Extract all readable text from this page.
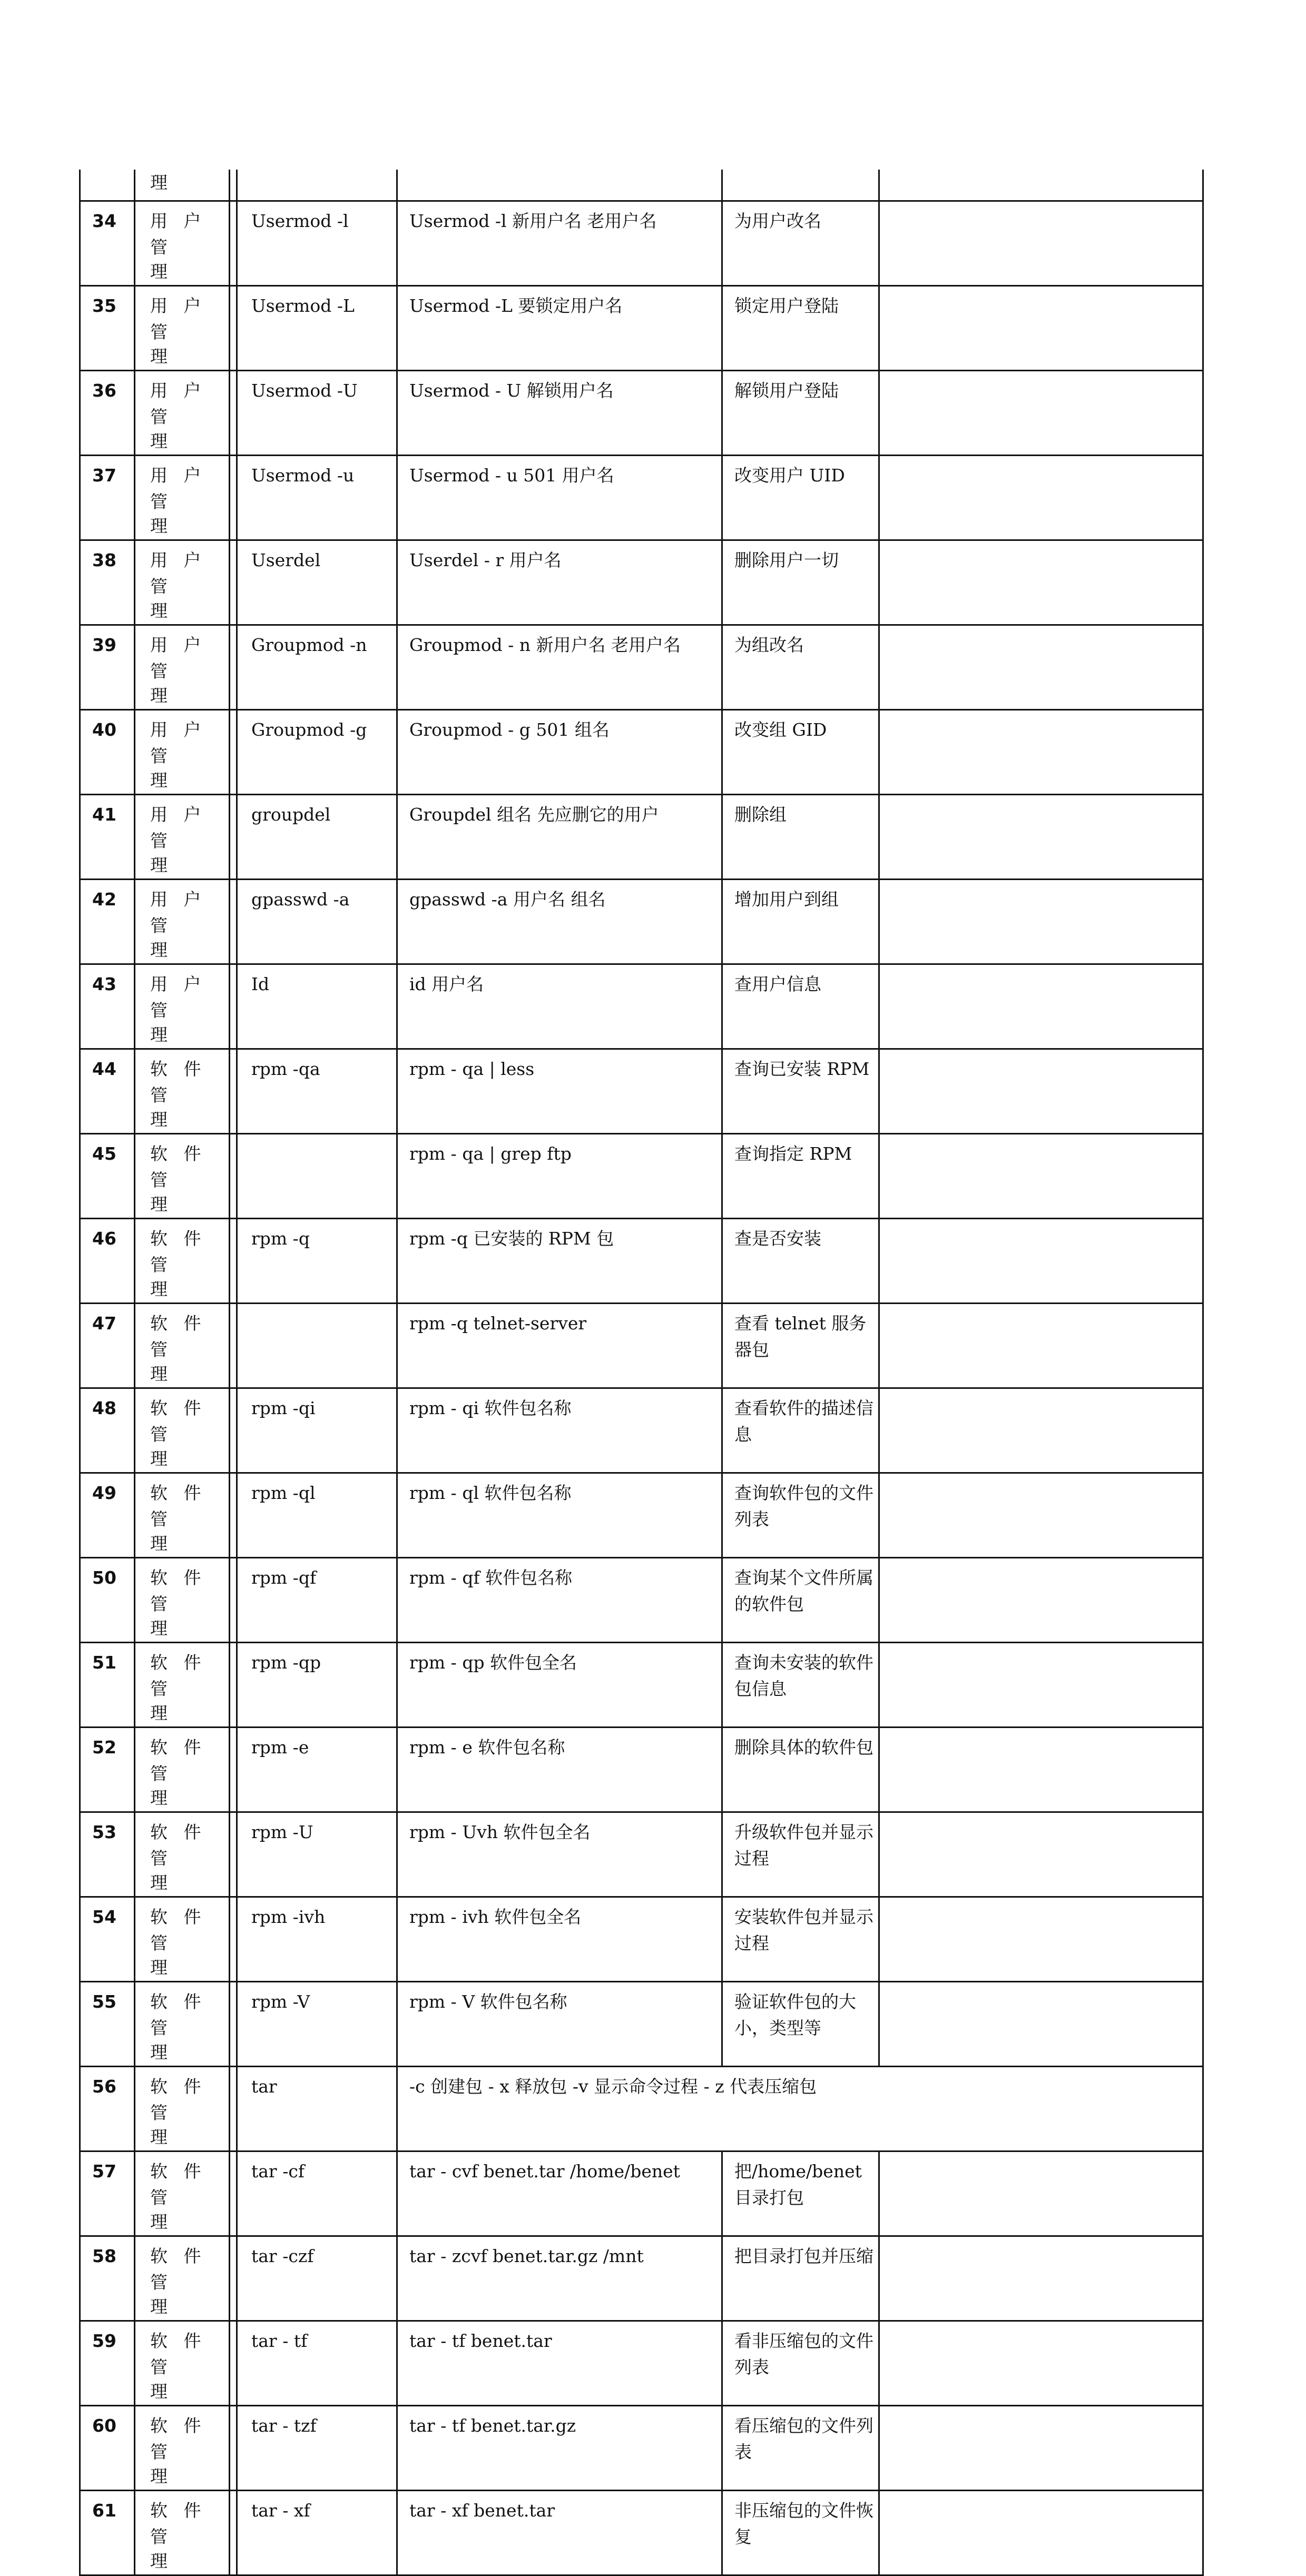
	理					

34	用 户 管
理		Usermod -l	Usermod -l 新用户名 老用户名	为用户改名	

35	用 户 管
理		Usermod -L	Usermod -L 要锁定用户名	锁定用户登陆	

36	用 户 管
理		Usermod -U	Usermod - U 解锁用户名	解锁用户登陆	

37	用 户 管
理		Usermod -u	Usermod - u 501 用户名	改变用户 UID	

38	用 户 管
理		Userdel	Userdel - r 用户名	删除用户一切	

39	用 户 管
理		Groupmod -n	Groupmod - n 新用户名 老用户名	为组改名	

40	用 户 管
理		Groupmod -g	Groupmod - g 501 组名	改变组 GID	

41	用 户 管
理		groupdel	Groupdel 组名 先应删它的用户	删除组	

42	用 户 管
理		gpasswd -a	gpasswd -a 用户名 组名	增加用户到组	

43	用 户 管
理		Id	id 用户名	查用户信息	

44	软 件 管
理		rpm -qa	rpm - qa | less	查询已安装 RPM	

45	软 件 管
理			rpm - qa | grep ftp	查询指定 RPM	

46	软 件 管
理		rpm -q	rpm -q 已安装的 RPM 包	查是否安装	

47	软 件 管
理			rpm -q telnet-server	查看 telnet 服务器包	

48	软 件 管
理		rpm -qi	rpm - qi 软件包名称	查看软件的描述信息	

49	软 件 管
理		rpm -ql	rpm - ql 软件包名称	查询软件包的文件列表	

50	软 件 管
理		rpm -qf	rpm - qf 软件包名称	查询某个文件所属的软件包	

51	软 件 管
理		rpm -qp	rpm - qp 软件包全名	查询未安装的软件包信息	

52	软 件 管
理		rpm -e	rpm - e 软件包名称	删除具体的软件包	

53	软 件 管
理		rpm -U	rpm - Uvh 软件包全名	升级软件包并显示过程	

54	软 件 管
理		rpm -ivh	rpm - ivh 软件包全名	安装软件包并显示过程	

55	软 件 管
理		rpm -V	rpm - V 软件包名称	验证软件包的大小，类型等	

56	软 件 管
理		tar	-c 创建包 - x 释放包 -v 显示命令过程 - z 代表压缩包		

57	软 件 管
理		tar -cf	tar - cvf benet.tar /home/benet	把/home/benet 目录打包	

58	软 件 管
理		tar -czf	tar - zcvf benet.tar.gz /mnt	把目录打包并压缩	

59	软 件 管
理		tar - tf	tar - tf benet.tar	看非压缩包的文件列表	

60	软 件 管
理		tar - tzf	tar - tf benet.tar.gz	看压缩包的文件列表	

61	软 件 管
理		tar - xf	tar - xf benet.tar	非压缩包的文件恢复	
